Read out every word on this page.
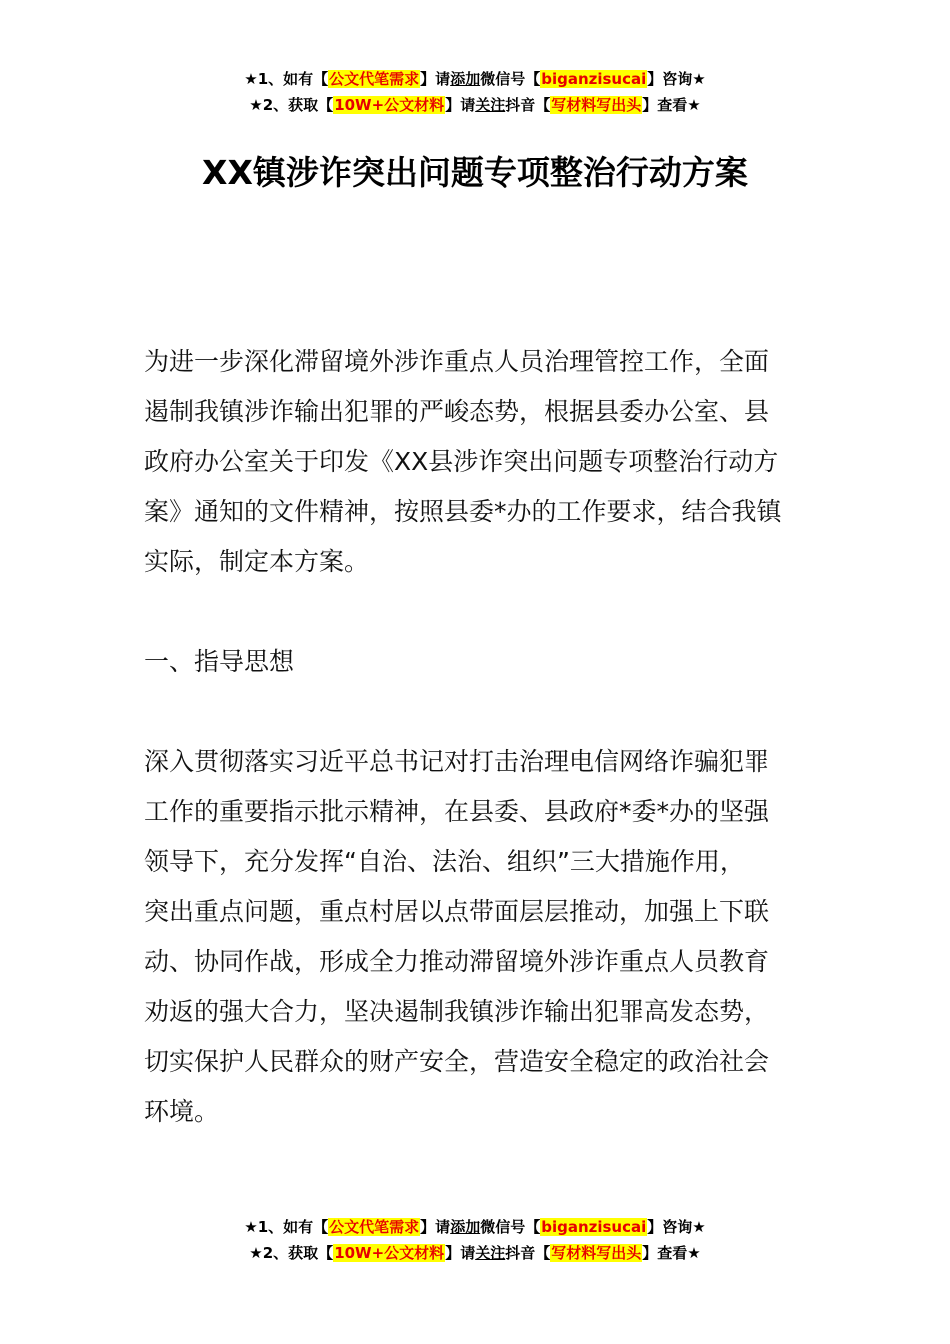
★1、如有【公文代笔需求】请添加微信号【biganzisucai】咨询★
★2、获取【10W+公文材料】请关注抖音【写材料写出头】查看★
XX镇涉诈突出问题专项整治行动方案
为进一步深化滞留境外涉诈重点人员治理管控工作，全面
遏制我镇涉诈输出犯罪的严峻态势，根据县委办公室、县
政府办公室关于印发《XX县涉诈突出问题专项整治行动方
案》通知的文件精神，按照县委*办的工作要求，结合我镇
实际，制定本方案。
一、指导思想
深入贯彻落实习近平总书记对打击治理电信网络诈骗犯罪
工作的重要指示批示精神，在县委、县政府*委*办的坚强
领导下，充分发挥“自治、法治、组织”三大措施作用，
突出重点问题，重点村居以点带面层层推动，加强上下联
动、协同作战，形成全力推动滞留境外涉诈重点人员教育
劝返的强大合力，坚决遏制我镇涉诈输出犯罪高发态势，
切实保护人民群众的财产安全，营造安全稳定的政治社会
环境。
★1、如有【公文代笔需求】请添加微信号【biganzisucai】咨询★
★2、获取【10W+公文材料】请关注抖音【写材料写出头】查看★
